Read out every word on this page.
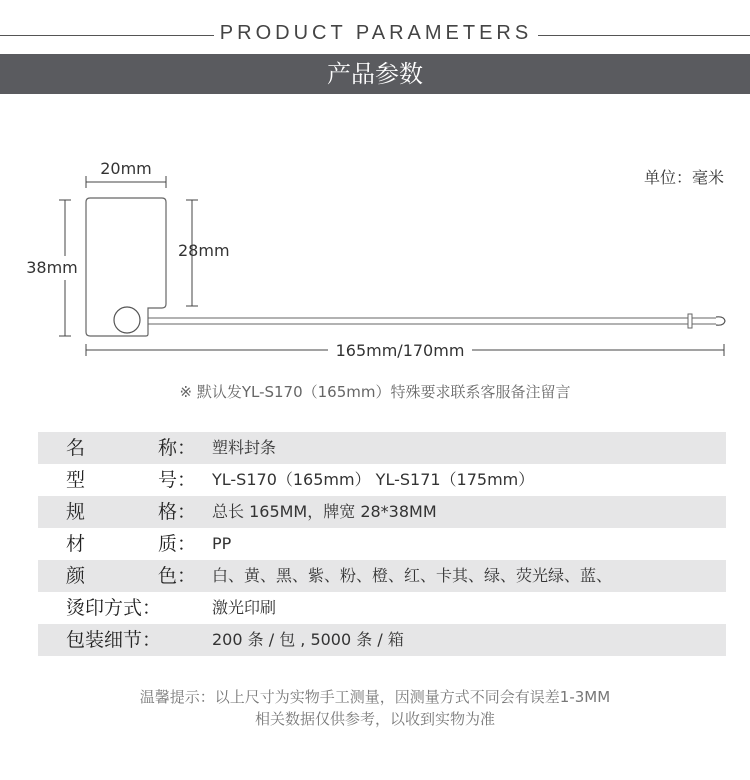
PRODUCT PARAMETERS
产品参数
20mm
38mm
28mm
165mm/170mm
单位：毫米
※ 默认发YL-S170（165mm）特殊要求联系客服备注留言
名	称：	塑料封条
型	号：	YL-S170（165mm） YL-S171（175mm）
规	格：	总长 165MM，牌宽 28*38MM
材	质：	PP
颜	色：	白、黄、黑、紫、粉、橙、红、卡其、绿、荧光绿、蓝、
烫印方式：	激光印刷
包装细节：	200 条 / 包 , 5000 条 / 箱
温馨提示：以上尺寸为实物手工测量，因测量方式不同会有误差1-3MM
相关数据仅供参考，以收到实物为准
